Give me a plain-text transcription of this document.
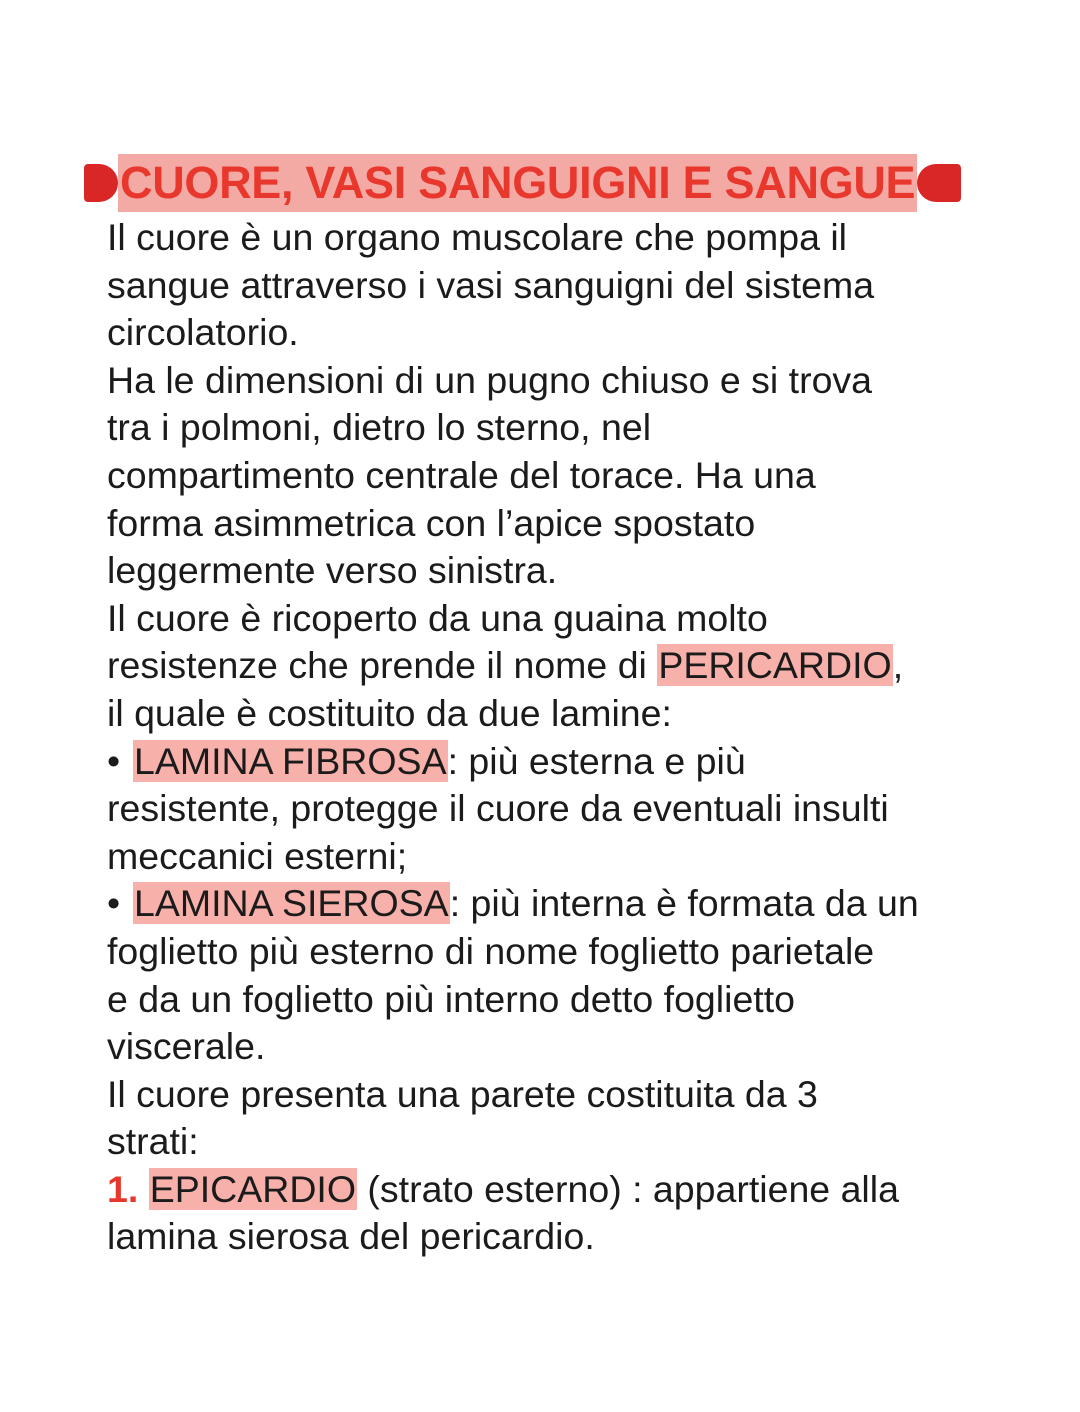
CUORE, VASI SANGUIGNI E SANGUE
Il cuore è un organo muscolare che pompa il
sangue attraverso i vasi sanguigni del sistema
circolatorio.
Ha le dimensioni di un pugno chiuso e si trova
tra i polmoni, dietro lo sterno, nel
compartimento centrale del torace. Ha una
forma asimmetrica con l’apice spostato
leggermente verso sinistra.
Il cuore è ricoperto da una guaina molto
resistenze che prende il nome di PERICARDIO,
il quale è costituito da due lamine:
• LAMINA FIBROSA: più esterna e più
resistente, protegge il cuore da eventuali insulti
meccanici esterni;
• LAMINA SIEROSA: più interna è formata da un
foglietto più esterno di nome foglietto parietale
e da un foglietto più interno detto foglietto
viscerale.
Il cuore presenta una parete costituita da 3
strati:
1. EPICARDIO (strato esterno) : appartiene alla
lamina sierosa del pericardio.
